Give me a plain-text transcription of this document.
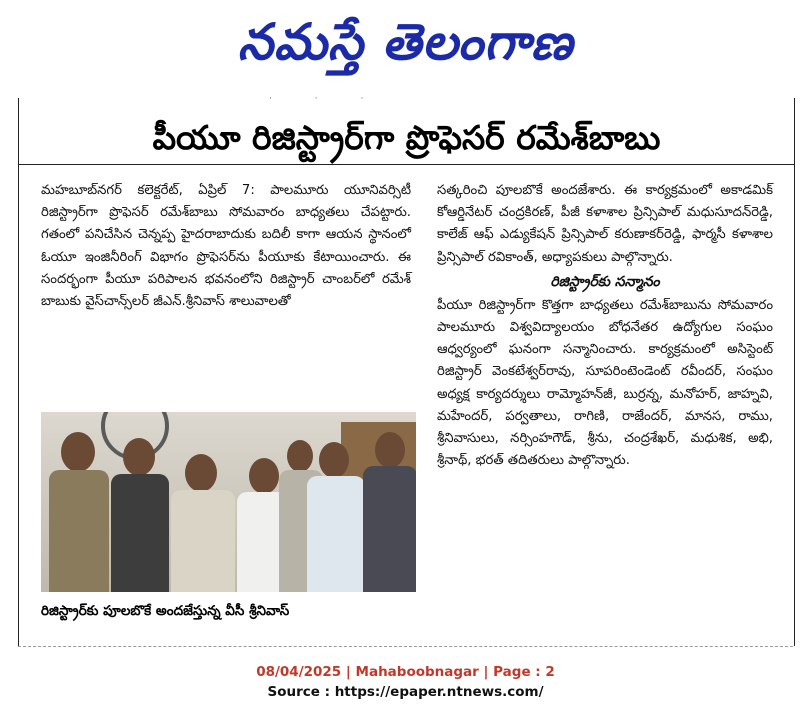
నమస్తే తెలంగాణ
· · ·
పీయూ రిజిస్ట్రార్‌గా ప్రొఫెసర్ రమేశ్‌బాబు

మహబూబ్‌నగర్ కలెక్టరేట్, ఏప్రిల్ 7: పాలమూరు యూనివర్సిటీ రిజిస్ట్రార్‌గా ప్రొఫెసర్ రమేశ్‌బాబు సోమవారం బాధ్యతలు చేపట్టారు. గతంలో పనిచేసిన చెన్నప్ప హైదరాబాదుకు బదిలీ కాగా ఆయన స్థానంలో ఓయూ ఇంజినీరింగ్ విభాగం ప్రొఫెసర్‌ను పీయూకు కేటాయించారు. ఈ సందర్భంగా పీయూ పరిపాలన భవనంలోని రిజిస్ట్రార్ చాంబర్‌లో రమేశ్ బాబుకు వైస్‌చాన్స్‌లర్ జీఎన్.శ్రీనివాస్ శాలువాలతో

సత్కరించి పూలబొకే అందజేశారు. ఈ కార్యక్రమంలో అకాడమిక్ కోఆర్డినేటర్ చంద్రకిరణ్, పీజీ కళాశాల ప్రిన్సిపాల్ మధుసూదన్‌రెడ్డి, కాలేజ్ ఆఫ్ ఎడ్యుకేషన్ ప్రిన్సిపాల్ కరుణాకర్‌రెడ్డి, ఫార్మసీ కళాశాల ప్రిన్సిపాల్ రవికాంత్, అధ్యాపకులు పాల్గొన్నారు.

రిజిస్ట్రార్‌కు సన్మానం

పీయూ రిజిస్ట్రార్‌గా కొత్తగా బాధ్యతలు రమేశ్‌బాబును సోమవారం పాలమూరు విశ్వవిద్యాలయం బోధనేతర ఉద్యోగుల సంఘం ఆధ్వర్యంలో ఘనంగా సన్మానించారు. కార్యక్రమంలో అసిస్టెంట్ రిజిస్ట్రార్ వెంకటేశ్వర్‌రావు, సూపరింటెండెంట్ రవీందర్, సంఘం అధ్యక్ష కార్యదర్శులు రామ్మోహన్‌జీ, బుర్రన్న, మనోహర్, జాహ్నవి, మహేందర్, పర్వతాలు, రాగిణి, రాజేందర్, మానస, రాము, శ్రీనివాసులు, నర్సింహగౌడ్, శ్రీను, చంద్రశేఖర్, మధుశిక, అభి, శ్రీనాథ్, భరత్ తదితరులు పాల్గొన్నారు.

రిజిస్ట్రార్‌కు పూలబొకే అందజేస్తున్న వీసీ శ్రీనివాస్
08/04/2025 | Mahaboobnagar | Page : 2
Source : https://epaper.ntnews.com/
